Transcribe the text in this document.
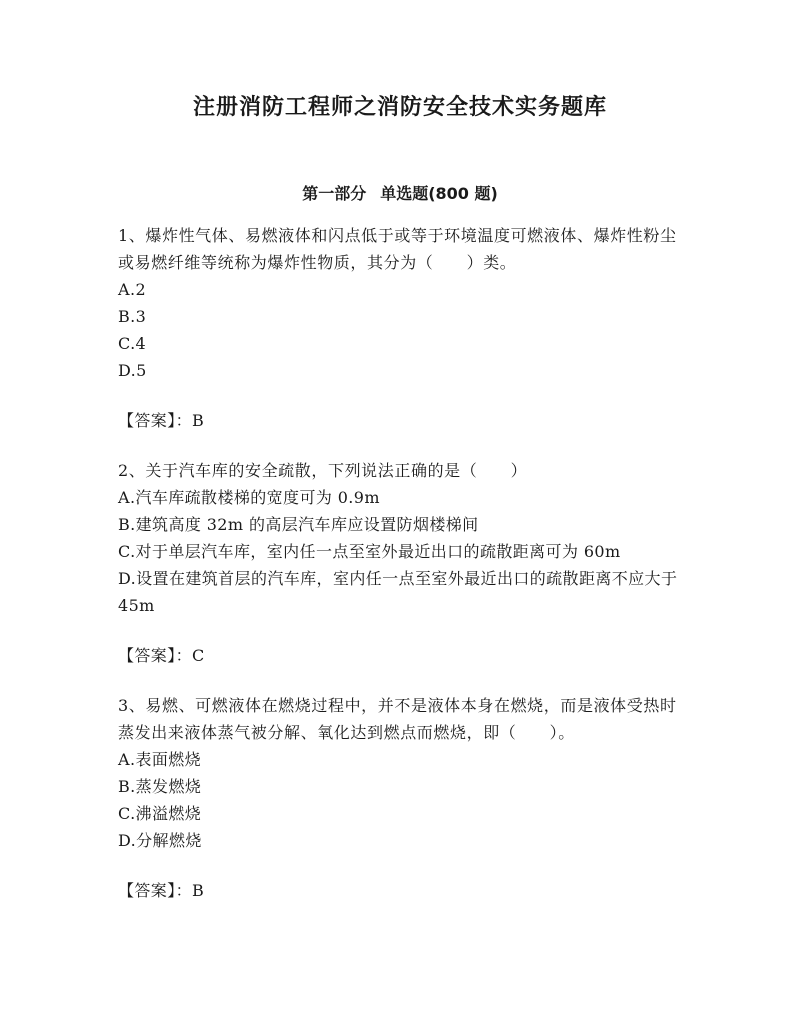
注册消防工程师之消防安全技术实务题库
第一部分 单选题(800 题)

1、爆炸性气体、易燃液体和闪点低于或等于环境温度可燃液体、爆炸性粉尘或易燃纤维等统称为爆炸性物质，其分为（　　）类。

A.2

B.3

C.4

D.5

【答案】：B

2、关于汽车库的安全疏散，下列说法正确的是（　　）

A.汽车库疏散楼梯的宽度可为 0.9m

B.建筑高度 32m 的高层汽车库应设置防烟楼梯间

C.对于单层汽车库，室内任一点至室外最近出口的疏散距离可为 60m

D.设置在建筑首层的汽车库，室内任一点至室外最近出口的疏散距离不应大于 45m

【答案】：C

3、易燃、可燃液体在燃烧过程中，并不是液体本身在燃烧，而是液体受热时蒸发出来液体蒸气被分解、氧化达到燃点而燃烧，即（　　）。

A.表面燃烧

B.蒸发燃烧

C.沸溢燃烧

D.分解燃烧

【答案】：B
